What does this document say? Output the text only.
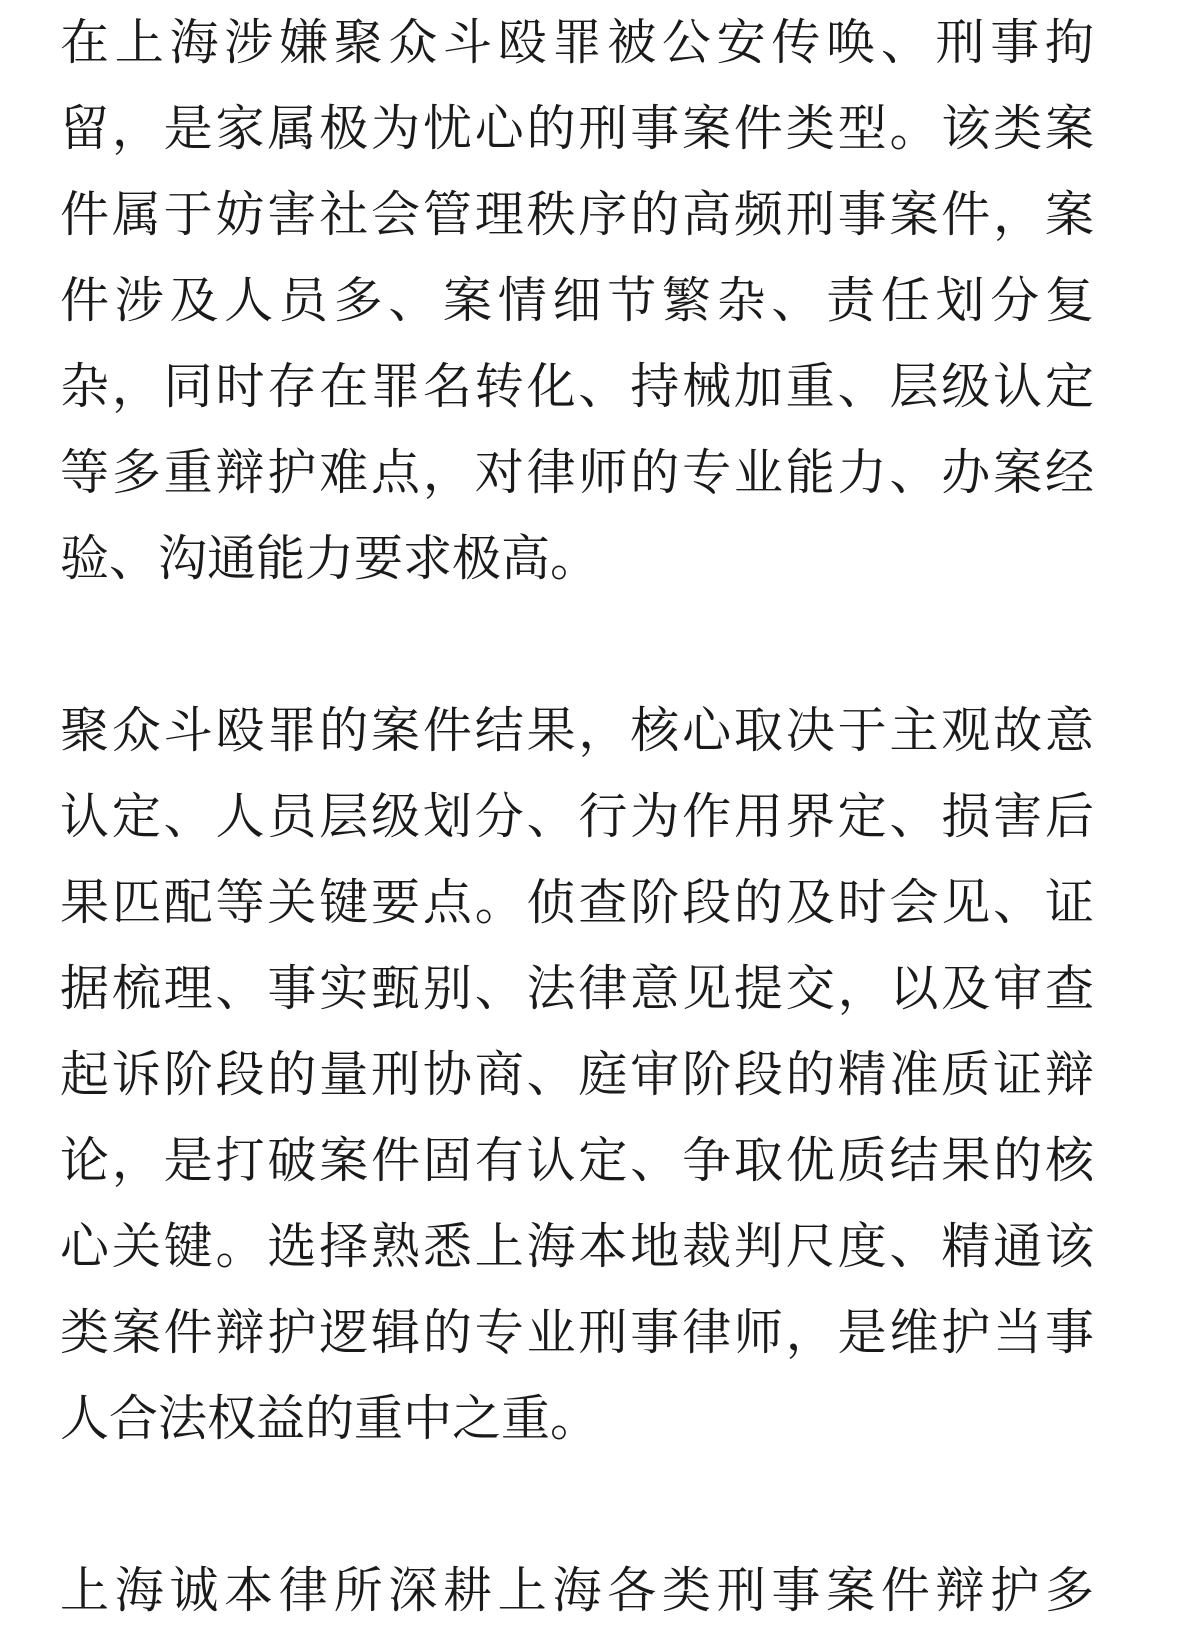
在上海涉嫌聚众斗殴罪被公安传唤、刑事拘
留，是家属极为忧心的刑事案件类型。该类案
件属于妨害社会管理秩序的高频刑事案件，案
件涉及人员多、案情细节繁杂、责任划分复
杂，同时存在罪名转化、持械加重、层级认定
等多重辩护难点，对律师的专业能力、办案经
验、沟通能力要求极高。
聚众斗殴罪的案件结果，核心取决于主观故意
认定、人员层级划分、行为作用界定、损害后
果匹配等关键要点。侦查阶段的及时会见、证
据梳理、事实甄别、法律意见提交，以及审查
起诉阶段的量刑协商、庭审阶段的精准质证辩
论，是打破案件固有认定、争取优质结果的核
心关键。选择熟悉上海本地裁判尺度、精通该
类案件辩护逻辑的专业刑事律师，是维护当事
人合法权益的重中之重。
上海诚本律所深耕上海各类刑事案件辩护多
